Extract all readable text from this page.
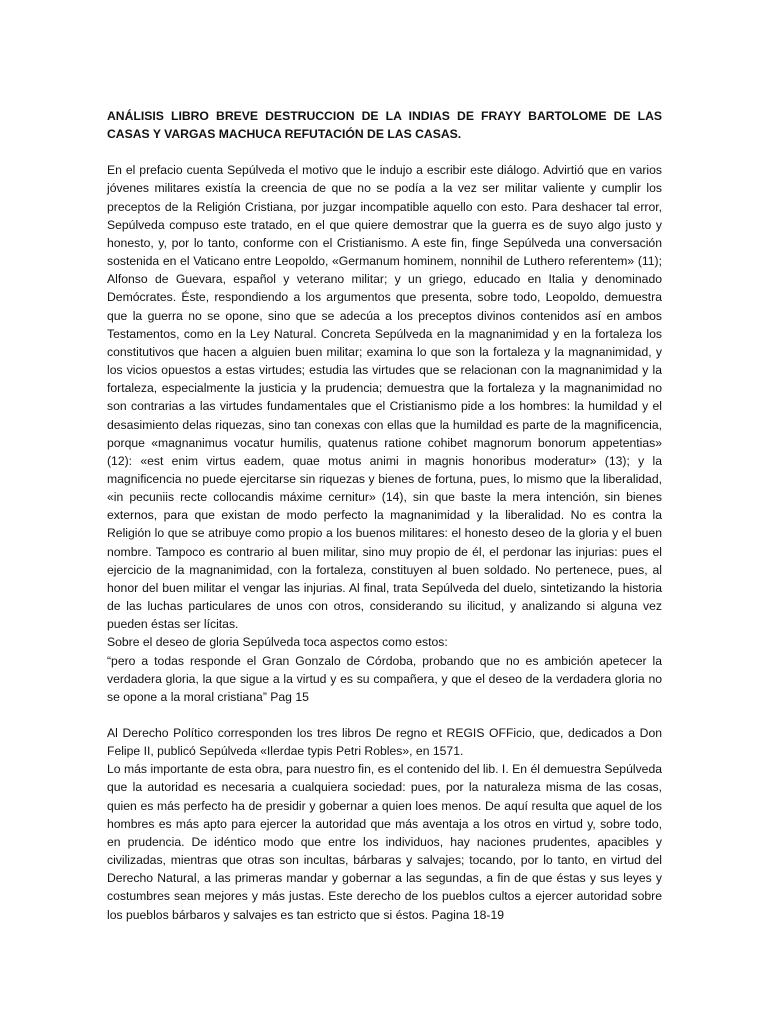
ANÁLISIS LIBRO BREVE DESTRUCCION DE LA INDIAS DE FRAYY BARTOLOME DE LAS CASAS Y VARGAS MACHUCA REFUTACIÓN DE LAS CASAS.

En el prefacio cuenta Sepúlveda el motivo que le indujo a escribir este diálogo. Advirtió que en varios jóvenes militares existía la creencia de que no se podía a la vez ser militar valiente y cumplir los preceptos de la Religión Cristiana, por juzgar incompatible aquello con esto. Para deshacer tal error, Sepúlveda compuso este tratado, en el que quiere demostrar que la guerra es de suyo algo justo y honesto, y, por lo tanto, conforme con el Cristianismo. A este fin, finge Sepúlveda una conversación sostenida en el Vaticano entre Leopoldo, «Germanum hominem, nonnihil de Luthero referentem» (11); Alfonso de Guevara, español y veterano militar; y un griego, educado en Italia y denominado Demócrates. Éste, respondiendo a los argumentos que presenta, sobre todo, Leopoldo, demuestra que la guerra no se opone, sino que se adecúa a los preceptos divinos contenidos así en ambos Testamentos, como en la Ley Natural. Concreta Sepúlveda en la magnanimidad y en la fortaleza los constitutivos que hacen a alguien buen militar; examina lo que son la fortaleza y la magnanimidad, y los vicios opuestos a estas virtudes; estudia las virtudes que se relacionan con la magnanimidad y la fortaleza, especialmente la justicia y la prudencia; demuestra que la fortaleza y la magnanimidad no son contrarias a las virtudes fundamentales que el Cristianismo pide a los hombres: la humildad y el desasimiento delas riquezas, sino tan conexas con ellas que la humildad es parte de la magnificencia, porque «magnanimus vocatur humilis, quatenus ratione cohibet magnorum bonorum appetentias» (12): «est enim virtus eadem, quae motus animi in magnis honoribus moderatur» (13); y la magnificencia no puede ejercitarse sin riquezas y bienes de fortuna, pues, lo mismo que la liberalidad, «in pecuniis recte collocandis máxime cernitur» (14), sin que baste la mera intención, sin bienes externos, para que existan de modo perfecto la magnanimidad y la liberalidad. No es contra la Religión lo que se atribuye como propio a los buenos militares: el honesto deseo de la gloria y el buen nombre. Tampoco es contrario al buen militar, sino muy propio de él, el perdonar las injurias: pues el ejercicio de la magnanimidad, con la fortaleza, constituyen al buen soldado. No pertenece, pues, al honor del buen militar el vengar las injurias. Al final, trata Sepúlveda del duelo, sintetizando la historia de las luchas particulares de unos con otros, considerando su ilicitud, y analizando si alguna vez pueden éstas ser lícitas.

Sobre el deseo de gloria Sepúlveda toca aspectos como estos:

“pero a todas responde el Gran Gonzalo de Córdoba, probando que no es ambición apetecer la verdadera gloria, la que sigue a la virtud y es su compañera, y que el deseo de la verdadera gloria no se opone a la moral cristiana” Pag 15

Al Derecho Político corresponden los tres libros De regno et REGIS OFFicio, que, dedicados a Don Felipe II, publicó Sepúlveda «Ilerdae typis Petri Robles», en 1571.

Lo más importante de esta obra, para nuestro fin, es el contenido del lib. I. En él demuestra Sepúlveda que la autoridad es necesaria a cualquiera sociedad: pues, por la naturaleza misma de las cosas, quien es más perfecto ha de presidir y gobernar a quien loes menos. De aquí resulta que aquel de los hombres es más apto para ejercer la autoridad que más aventaja a los otros en virtud y, sobre todo, en prudencia. De idéntico modo que entre los individuos, hay naciones prudentes, apacibles y civilizadas, mientras que otras son incultas, bárbaras y salvajes; tocando, por lo tanto, en virtud del Derecho Natural, a las primeras mandar y gobernar a las segundas, a fin de que éstas y sus leyes y costumbres sean mejores y más justas. Este derecho de los pueblos cultos a ejercer autoridad sobre los pueblos bárbaros y salvajes es tan estricto que si éstos. Pagina 18-19
